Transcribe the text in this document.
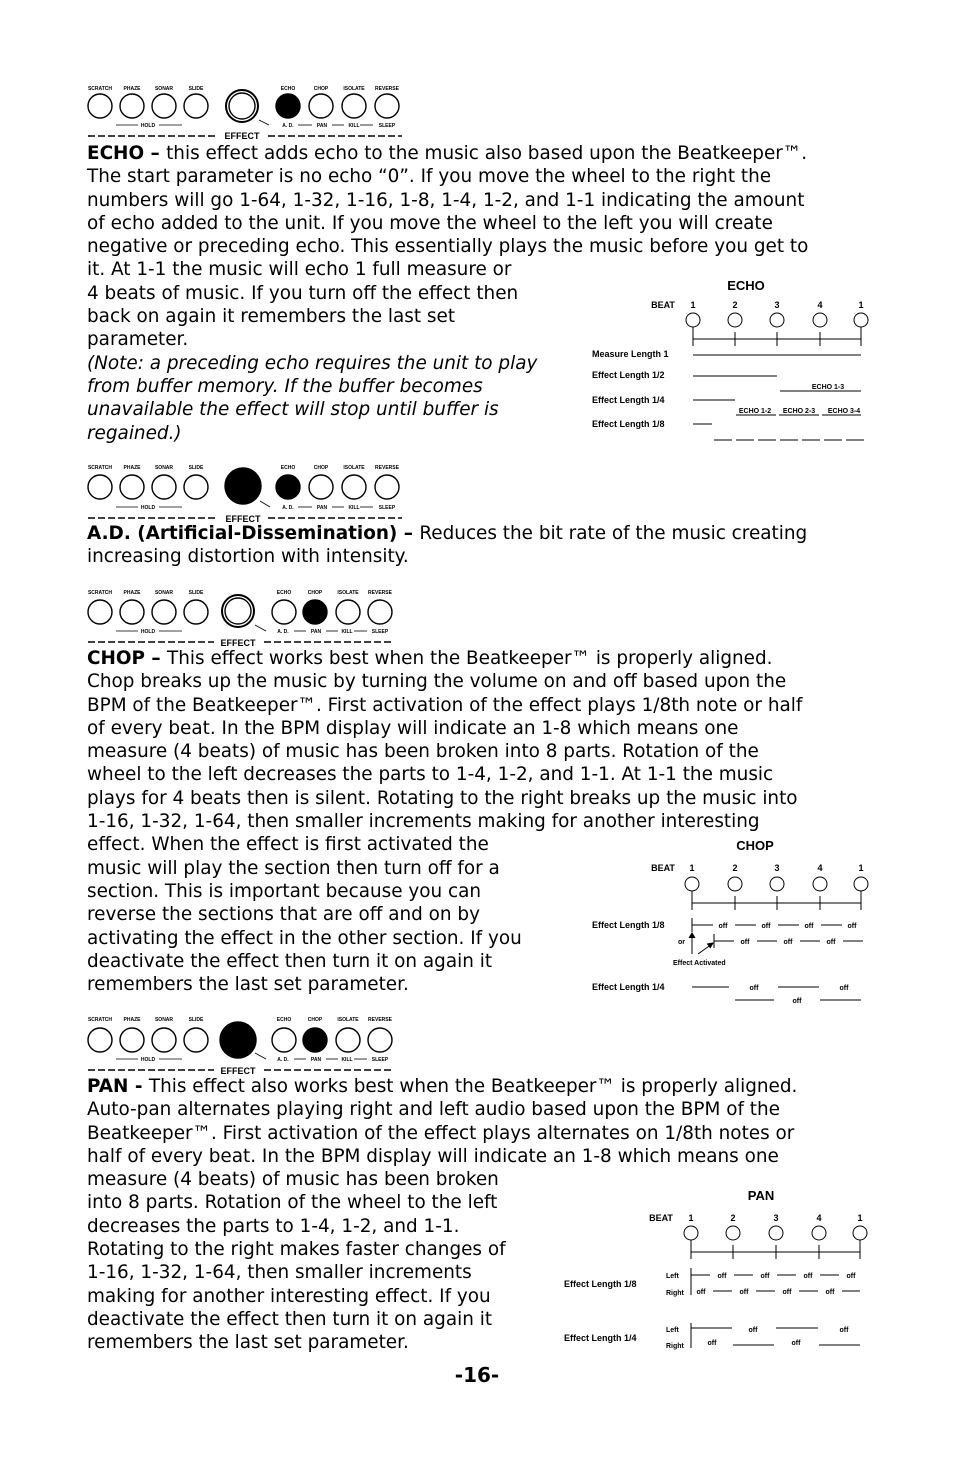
SCRATCH PHAZE	SONAR	SLIDE	ECHO	CHOP	ISOLATE REVERSE
HOLD	A. D.	PAN	KILL	SLEEP
EFFECT

ECHO – this effect adds echo to the music also based upon the Beatkeeper™.
The start parameter is no echo “0”. If you move the wheel to the right the
numbers will go 1-64, 1-32, 1-16, 1-8, 1-4, 1-2, and 1-1 indicating the amount
of echo added to the unit. If you move the wheel to the left you will create
negative or preceding echo. This essentially plays the music before you get to
it. At 1-1 the music will echo 1 full measure or
4 beats of music. If you turn off the effect then
back on again it remembers the last set
parameter.
(Note: a preceding echo requires the unit to play
from buffer memory. If the buffer becomes
unavailable the effect will stop until buffer is
regained.)

ECHO
BEAT 1	2	3	4	1
Measure Length 1
Effect Length 1/2
Effect Length 1/4
Effect Length 1/8
ECHO 1-3
ECHO 1-2 ECHO 2-3 ECHO 3-4
SCRATCH PHAZE	SONAR	SLIDE	ECHO	CHOP	ISOLATE REVERSE
HOLD	A. D.	PAN	KILL	SLEEP
EFFECT

A.D. (Artificial-Dissemination) – Reduces the bit rate of the music creating
increasing distortion with intensity.

SCRATCH PHAZE	SONAR	SLIDE	ECHO	CHOP	ISOLATE REVERSE
HOLD	A. D.	PAN	KILL	SLEEP
EFFECT

CHOP – This effect works best when the Beatkeeper™ is properly aligned.
Chop breaks up the music by turning the volume on and off based upon the
BPM of the Beatkeeper™. First activation of the effect plays 1/8th note or half
of every beat. In the BPM display will indicate an 1-8 which means one
measure (4 beats) of music has been broken into 8 parts. Rotation of the
wheel to the left decreases the parts to 1-4, 1-2, and 1-1. At 1-1 the music
plays for 4 beats then is silent. Rotating to the right breaks up the music into
1-16, 1-32, 1-64, then smaller increments making for another interesting
effect. When the effect is first activated the
music will play the section then turn off for a
section. This is important because you can
reverse the sections that are off and on by
activating the effect in the other section. If you
deactivate the effect then turn it on again it
remembers the last set parameter.

CHOP
BEAT 1	2	3	4	1
Effect Length 1/8
Effect Length 1/4
or
Effect Activated
off	off	off	off
off	off	off
off	off
off
SCRATCH PHAZE	SONAR	SLIDE	ECHO	CHOP	ISOLATE REVERSE
HOLD	A. D.	PAN	KILL	SLEEP
EFFECT

PAN - This effect also works best when the Beatkeeper™ is properly aligned.
Auto-pan alternates playing right and left audio based upon the BPM of the
Beatkeeper™. First activation of the effect plays alternates on 1/8th notes or
half of every beat. In the BPM display will indicate an 1-8 which means one
measure (4 beats) of music has been broken
into 8 parts. Rotation of the wheel to the left
decreases the parts to 1-4, 1-2, and 1-1.
Rotating to the right makes faster changes of
1-16, 1-32, 1-64, then smaller increments
making for another interesting effect. If you
deactivate the effect then turn it on again it
remembers the last set parameter.

PAN
BEAT 1	2	3	4	1
Effect Length 1/8
Effect Length 1/4
Left
Right
Left
Right
off	off	off	off
off	off	off	off
off	off
off	off
-16-
